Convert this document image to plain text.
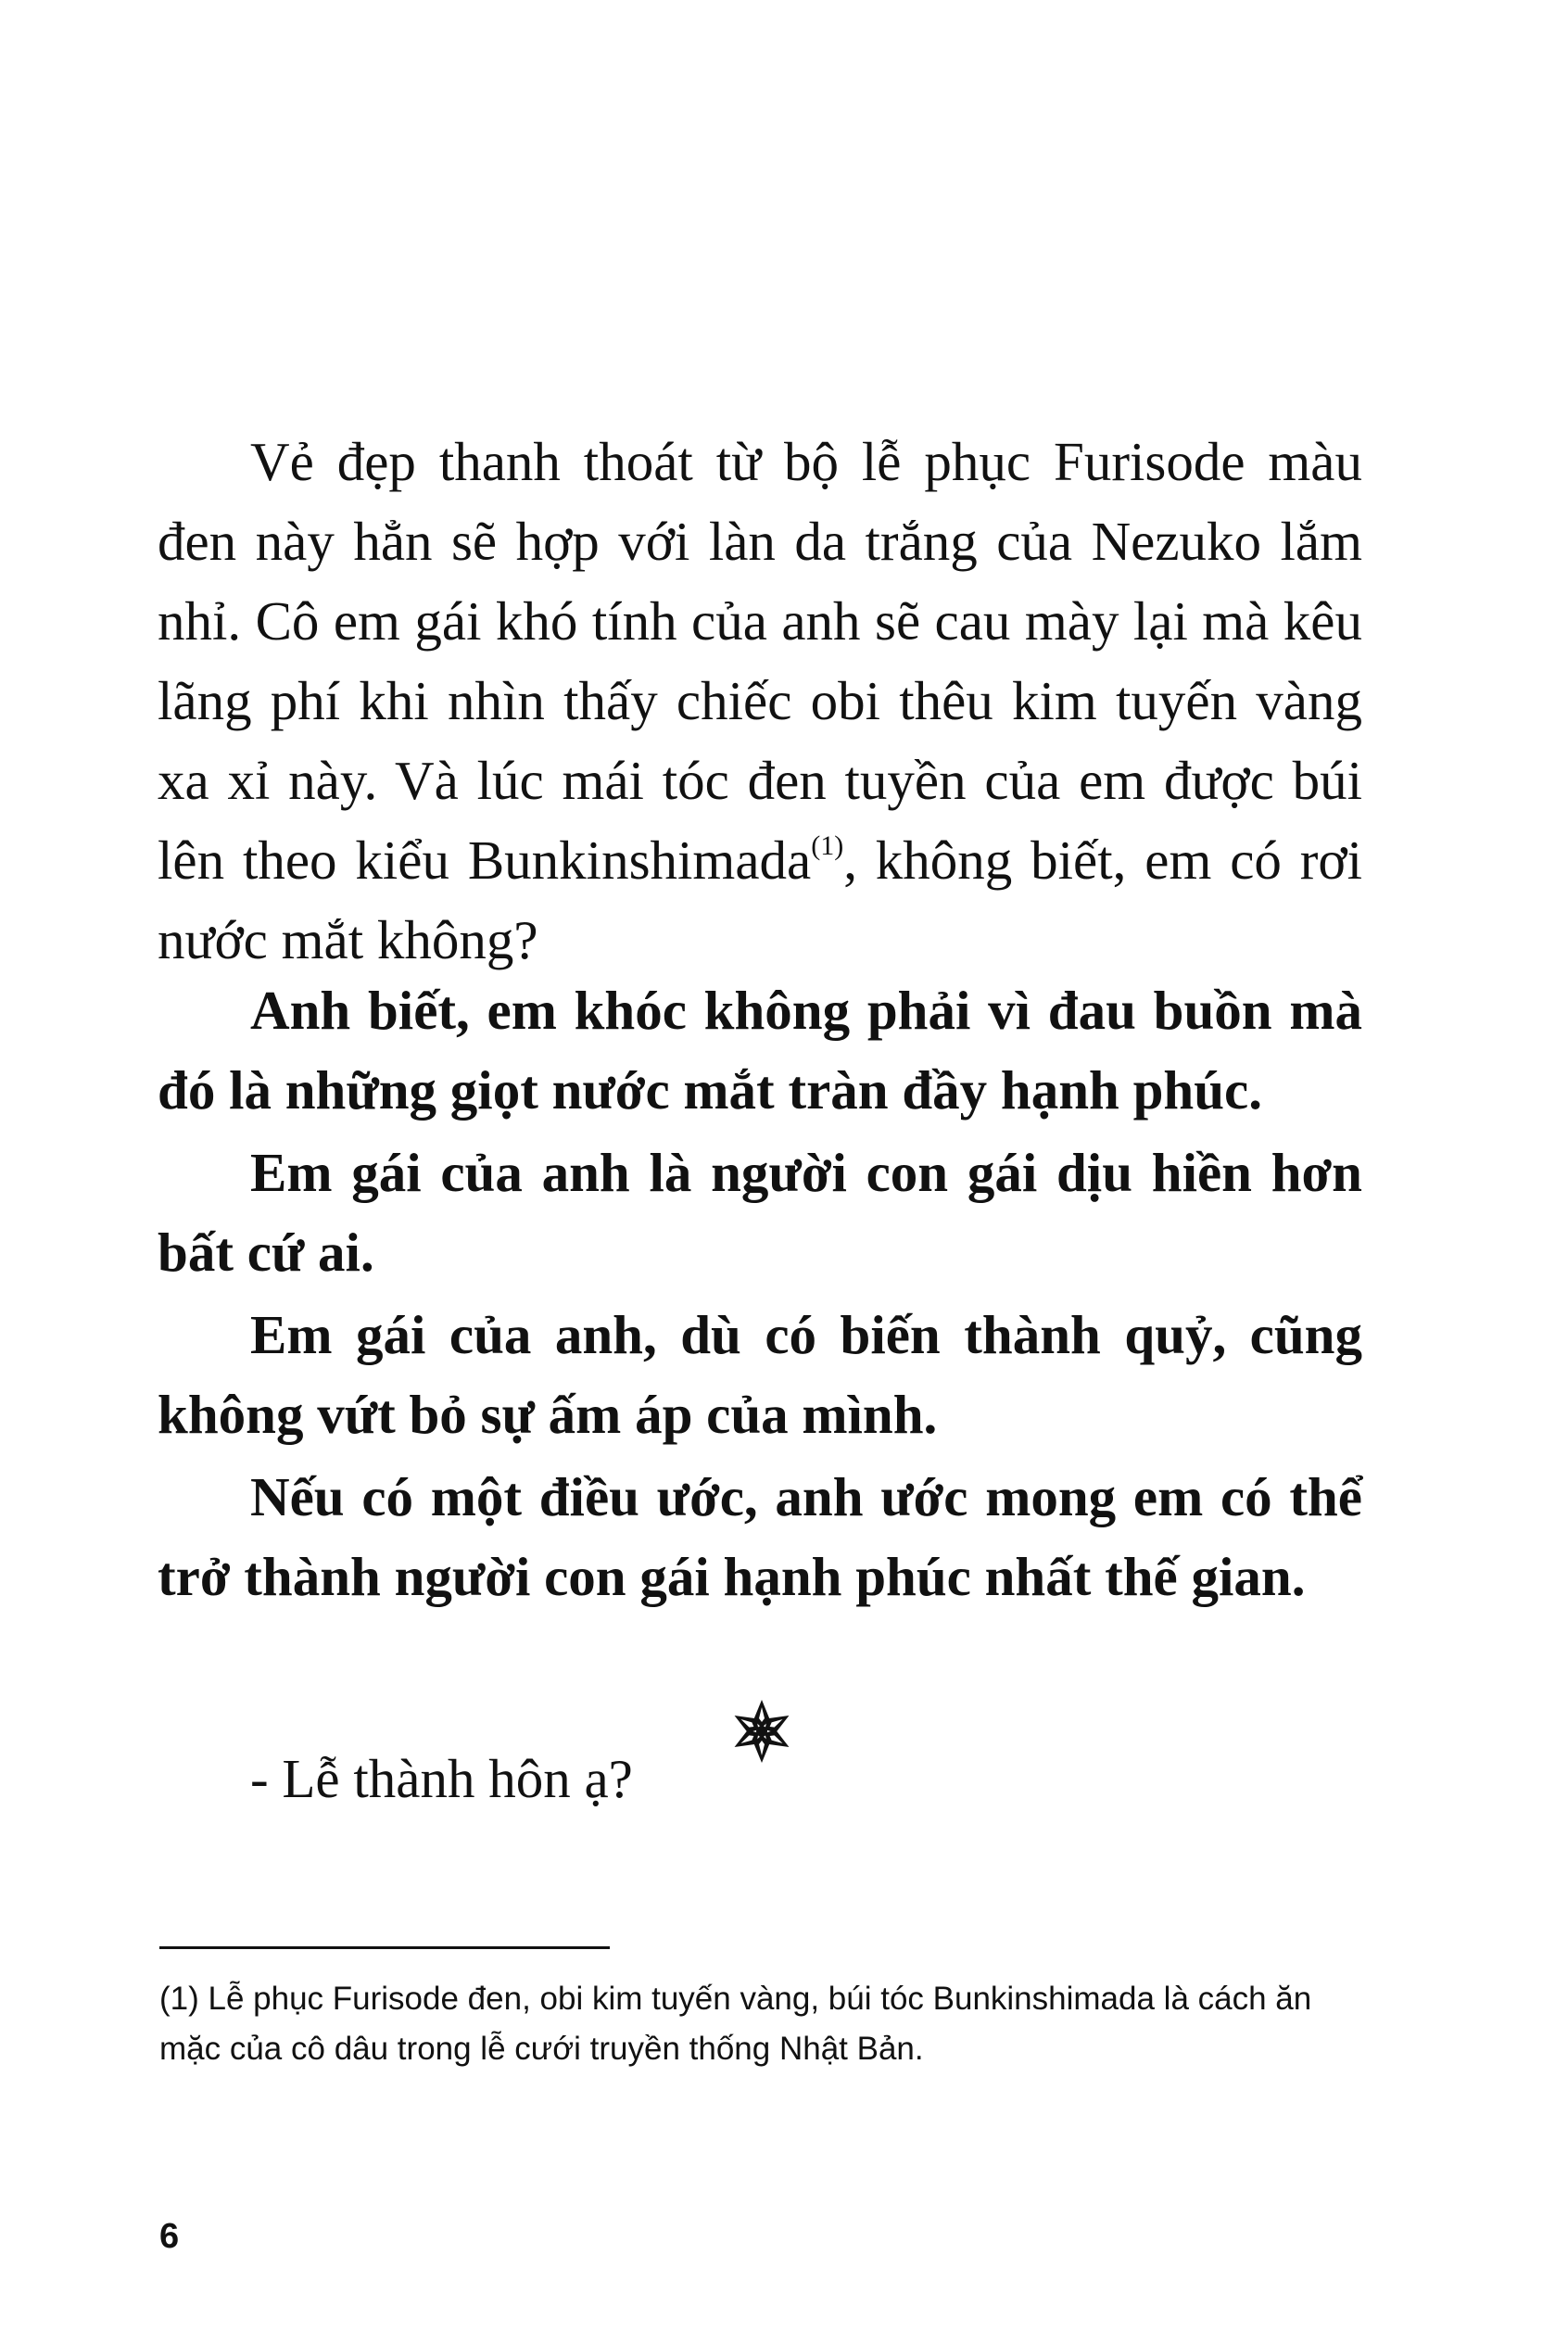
Vẻ đẹp thanh thoát từ bộ lễ phục Furisode màu đen này hẳn sẽ hợp với làn da trắng của Nezuko lắm nhỉ. Cô em gái khó tính của anh sẽ cau mày lại mà kêu lãng phí khi nhìn thấy chiếc obi thêu kim tuyến vàng xa xỉ này. Và lúc mái tóc đen tuyền của em được búi lên theo kiểu Bunkinshimada$^{(1)}$, không biết, em có rơi nước mắt không?

Anh biết, em khóc không phải vì đau buồn mà đó là những giọt nước mắt tràn đầy hạnh phúc.

Em gái của anh là người con gái dịu hiền hơn bất cứ ai.

Em gái của anh, dù có biến thành quỷ, cũng không vứt bỏ sự ấm áp của mình.

Nếu có một điều ước, anh ước mong em có thể trở thành người con gái hạnh phúc nhất thế gian.

- Lễ thành hôn ạ?
(1) Lễ phục Furisode đen, obi kim tuyến vàng, búi tóc Bunkinshimada là cách ăn mặc của cô dâu trong lễ cưới truyền thống Nhật Bản.
6
